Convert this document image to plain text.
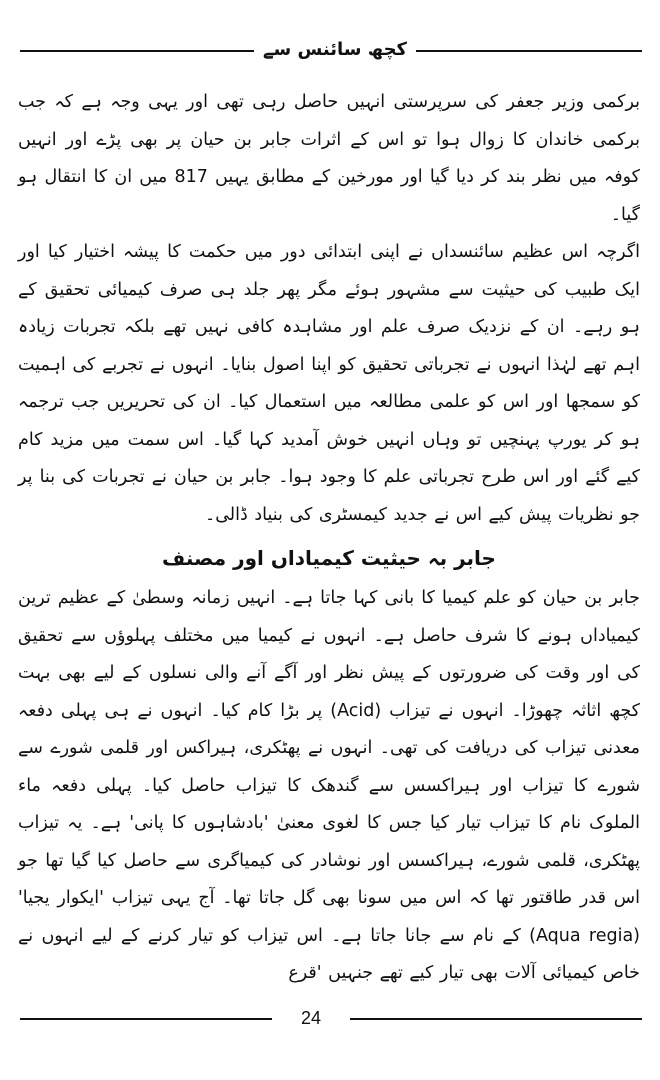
کچھ سائنس سے

برکمی وزیر جعفر کی سرپرستی انہیں حاصل رہی تھی اور یہی وجہ ہے کہ جب برکمی خاندان کا زوال ہوا تو اس کے اثرات جابر بن حیان پر بھی پڑے اور انہیں کوفہ میں نظر بند کر دیا گیا اور مورخین کے مطابق یہیں 817 میں ان کا انتقال ہو گیا۔

اگرچہ اس عظیم سائنسداں نے اپنی ابتدائی دور میں حکمت کا پیشہ اختیار کیا اور ایک طبیب کی حیثیت سے مشہور ہوئے مگر پھر جلد ہی صرف کیمیائی تحقیق کے ہو رہے۔ ان کے نزدیک صرف علم اور مشاہدہ کافی نہیں تھے بلکہ تجربات زیادہ اہم تھے لہٰذا انہوں نے تجرباتی تحقیق کو اپنا اصول بنایا۔ انہوں نے تجربے کی اہمیت کو سمجھا اور اس کو علمی مطالعہ میں استعمال کیا۔ ان کی تحریریں جب ترجمہ ہو کر یورپ پہنچیں تو وہاں انہیں خوش آمدید کہا گیا۔ اس سمت میں مزید کام کیے گئے اور اس طرح تجرباتی علم کا وجود ہوا۔ جابر بن حیان نے تجربات کی بنا پر جو نظریات پیش کیے اس نے جدید کیمسٹری کی بنیاد ڈالی۔

جابر بہ حیثیت کیمیاداں اور مصنف

جابر بن حیان کو علم کیمیا کا بانی کہا جاتا ہے۔ انہیں زمانہ وسطیٰ کے عظیم ترین کیمیاداں ہونے کا شرف حاصل ہے۔ انہوں نے کیمیا میں مختلف پہلوؤں سے تحقیق کی اور وقت کی ضرورتوں کے پیش نظر اور آگے آنے والی نسلوں کے لیے بھی بہت کچھ اثاثہ چھوڑا۔ انہوں نے تیزاب (Acid) پر بڑا کام کیا۔ انہوں نے ہی پہلی دفعہ معدنی تیزاب کی دریافت کی تھی۔ انہوں نے پھٹکری، ہیراکس اور قلمی شورے سے شورے کا تیزاب اور ہیراکسس سے گندھک کا تیزاب حاصل کیا۔ پہلی دفعہ ماء الملوک نام کا تیزاب تیار کیا جس کا لغوی معنیٰ 'بادشاہوں کا پانی' ہے۔ یہ تیزاب پھٹکری، قلمی شورے، ہیراکسس اور نوشادر کی کیمیاگری سے حاصل کیا گیا تھا جو اس قدر طاقتور تھا کہ اس میں سونا بھی گل جاتا تھا۔ آج یہی تیزاب 'ایکوار یجیا' (Aqua regia) کے نام سے جانا جاتا ہے۔ اس تیزاب کو تیار کرنے کے لیے انہوں نے خاص کیمیائی آلات بھی تیار کیے تھے جنہیں 'قرع

24
